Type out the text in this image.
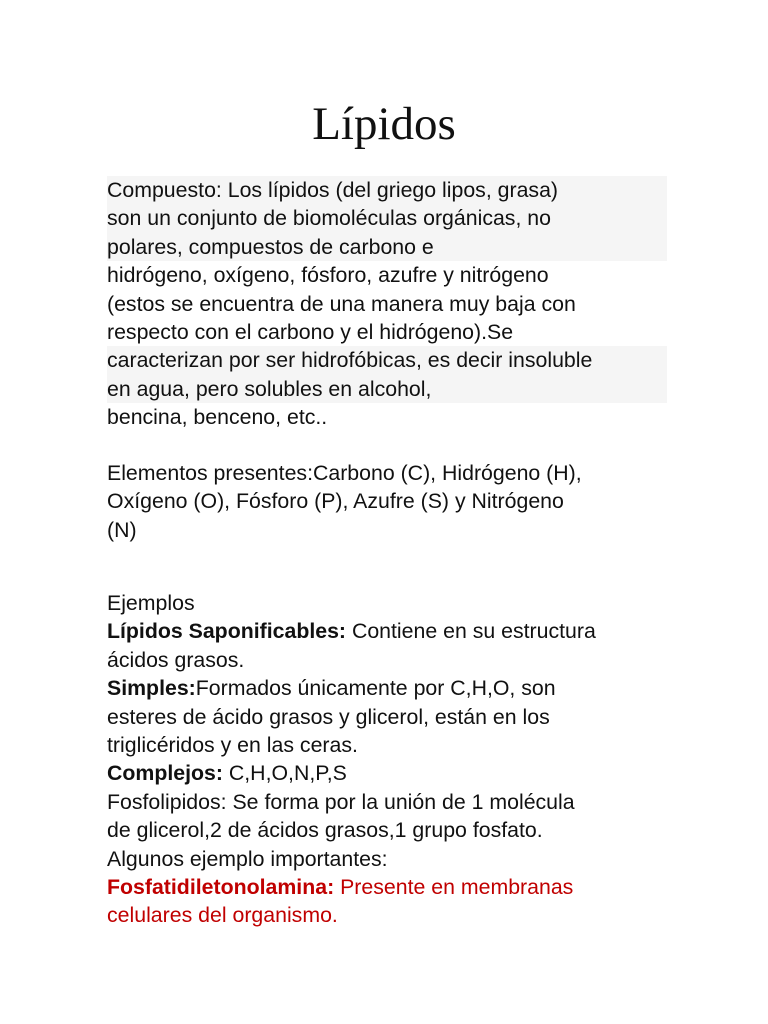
Lípidos
Compuesto: Los lípidos (del griego lipos, grasa)
son un conjunto de biomoléculas orgánicas, no
polares, compuestos de carbono e
hidrógeno, oxígeno, fósforo, azufre y nitrógeno
(estos se encuentra de una manera muy baja con
respecto con el carbono y el hidrógeno).Se
caracterizan por ser hidrofóbicas, es decir insoluble
en agua, pero solubles en alcohol,
bencina, benceno, etc..
Elementos presentes:Carbono (C), Hidrógeno (H),
Oxígeno (O), Fósforo (P), Azufre (S) y Nitrógeno
(N)
Ejemplos
Lípidos Saponificables: Contiene en su estructura
ácidos grasos.
Simples:Formados únicamente por C,H,O, son
esteres de ácido grasos y glicerol, están en los
triglicéridos y en las ceras.
Complejos: C,H,O,N,P,S
Fosfolipidos: Se forma por la unión de 1 molécula
de glicerol,2 de ácidos grasos,1 grupo fosfato.
Algunos ejemplo importantes:
Fosfatidiletonolamina: Presente en membranas
celulares del organismo.
